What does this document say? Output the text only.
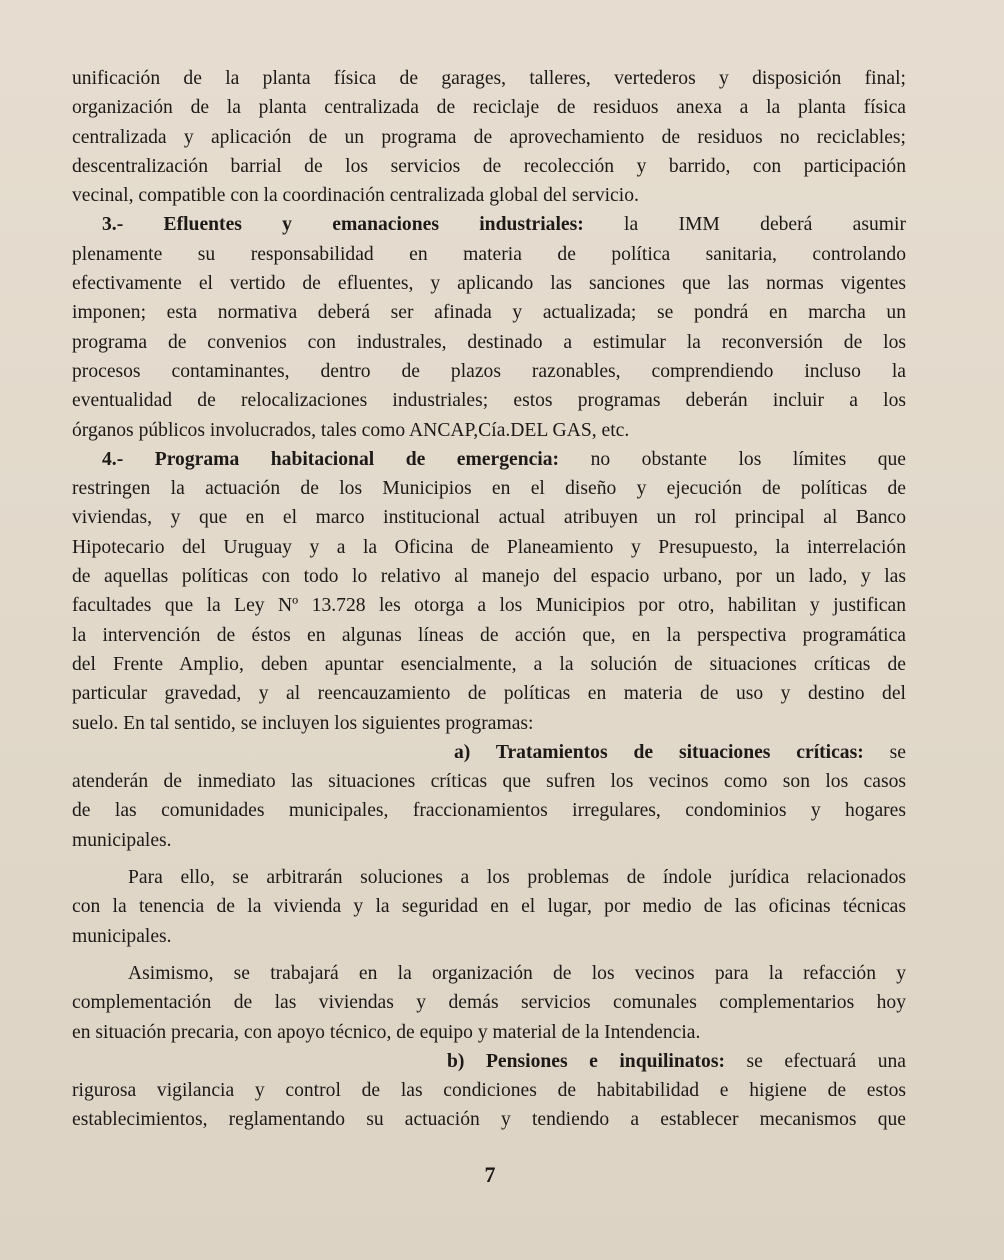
unificación de la planta física de garages, talleres, vertederos y disposición final;
organización de la planta centralizada de reciclaje de residuos anexa a la planta física
centralizada y aplicación de un programa de aprovechamiento de residuos no reciclables;
descentralización barrial de los servicios de recolección y barrido, con participación
vecinal, compatible con la coordinación centralizada global del servicio.
3.- Efluentes y emanaciones industriales: la IMM deberá asumir
plenamente su responsabilidad en materia de política sanitaria, controlando
efectivamente el vertido de efluentes, y aplicando las sanciones que las normas vigentes
imponen; esta normativa deberá ser afinada y actualizada; se pondrá en marcha un
programa de convenios con industrales, destinado a estimular la reconversión de los
procesos contaminantes, dentro de plazos razonables, comprendiendo incluso la
eventualidad de relocalizaciones industriales; estos programas deberán incluir a los
órganos públicos involucrados, tales como ANCAP,Cía.DEL GAS, etc.
4.- Programa habitacional de emergencia: no obstante los límites que
restringen la actuación de los Municipios en el diseño y ejecución de políticas de
viviendas, y que en el marco institucional actual atribuyen un rol principal al Banco
Hipotecario del Uruguay y a la Oficina de Planeamiento y Presupuesto, la interrelación
de aquellas políticas con todo lo relativo al manejo del espacio urbano, por un lado, y las
facultades que la Ley Nº 13.728 les otorga a los Municipios por otro, habilitan y justifican
la intervención de éstos en algunas líneas de acción que, en la perspectiva programática
del Frente Amplio, deben apuntar esencialmente, a la solución de situaciones críticas de
particular gravedad, y al reencauzamiento de políticas en materia de uso y destino del
suelo. En tal sentido, se incluyen los siguientes programas:
a) Tratamientos de situaciones críticas: se
atenderán de inmediato las situaciones críticas que sufren los vecinos como son los casos
de las comunidades municipales, fraccionamientos irregulares, condominios y hogares
municipales.
Para ello, se arbitrarán soluciones a los problemas de índole jurídica relacionados
con la tenencia de la vivienda y la seguridad en el lugar, por medio de las oficinas técnicas
municipales.
Asimismo, se trabajará en la organización de los vecinos para la refacción y
complementación de las viviendas y demás servicios comunales complementarios hoy
en situación precaria, con apoyo técnico, de equipo y material de la Intendencia.
b) Pensiones e inquilinatos: se efectuará una
rigurosa vigilancia y control de las condiciones de habitabilidad e higiene de estos
establecimientos, reglamentando su actuación y tendiendo a establecer mecanismos que
7
